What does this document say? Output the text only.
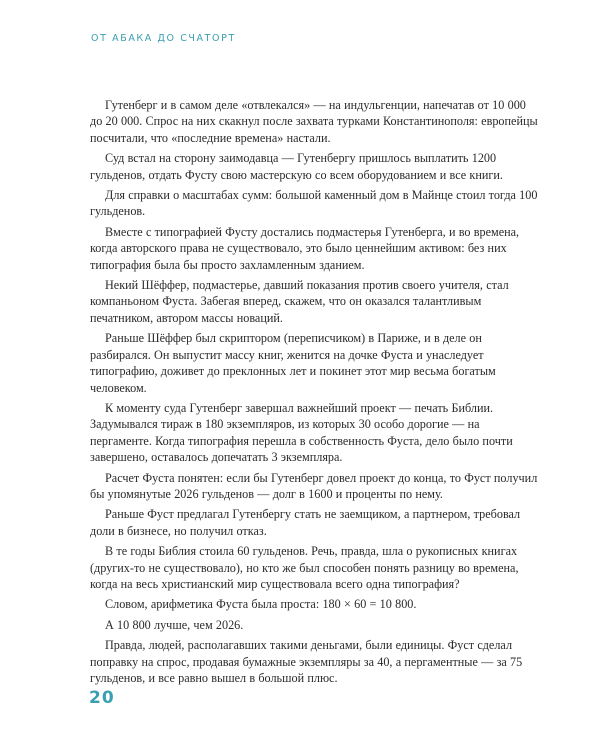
ОТ АБАКА ДО СЧАТОРТ

Гутенберг и в самом деле «отвлекался» — на индульгенции, напечатав от 10 000 до 20 000. Спрос на них скакнул после захвата турками Константинополя: европейцы посчитали, что «последние времена» настали.

Суд встал на сторону заимодавца — Гутенбергу пришлось выплатить 1200 гульденов, отдать Фусту свою мастерскую со всем оборудованием и все книги.

Для справки о масштабах сумм: большой каменный дом в Майнце стоил тогда 100 гульденов.

Вместе с типографией Фусту достались подмастерья Гутенберга, и во времена, когда авторского права не существовало, это было ценнейшим активом: без них типография была бы просто захламленным зданием.

Некий Шёффер, подмастерье, давший показания против своего учителя, стал компаньоном Фуста. Забегая вперед, скажем, что он оказался талантливым печатником, автором массы новаций.

Раньше Шёффер был скриптором (переписчиком) в Париже, и в деле он разбирался. Он выпустит массу книг, женится на дочке Фуста и унаследует типографию, доживет до преклонных лет и покинет этот мир весьма богатым человеком.

К моменту суда Гутенберг завершал важнейший проект — печать Библии. Задумывался тираж в 180 экземпляров, из которых 30 особо дорогие — на пергаменте. Когда типография перешла в собственность Фуста, дело было почти завершено, оставалось допечатать 3 экземпляра.

Расчет Фуста понятен: если бы Гутенберг довел проект до конца, то Фуст получил бы упомянутые 2026 гульденов — долг в 1600 и проценты по нему.

Раньше Фуст предлагал Гутенбергу стать не заемщиком, а партнером, требовал доли в бизнесе, но получил отказ.

В те годы Библия стоила 60 гульденов. Речь, правда, шла о рукописных книгах (других-то не существовало), но кто же был способен понять разницу во времена, когда на весь христианский мир существовала всего одна типография?

Словом, арифметика Фуста была проста: 180 × 60 = 10 800.

А 10 800 лучше, чем 2026.

Правда, людей, располагавших такими деньгами, были единицы. Фуст сделал поправку на спрос, продавая бумажные экземпляры за 40, а пергаментные — за 75 гульденов, и все равно вышел в большой плюс.

20
